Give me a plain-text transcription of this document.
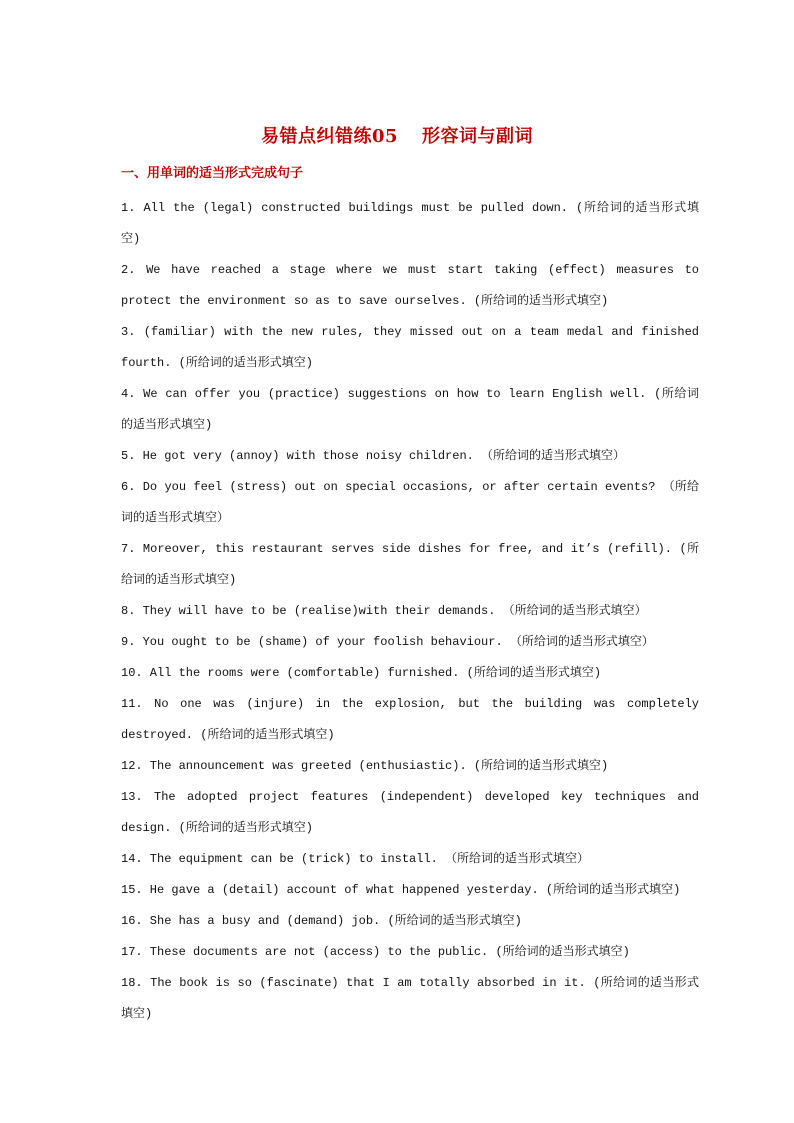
易错点纠错练05 形容词与副词
一、用单词的适当形式完成句子
1. All the (legal) constructed buildings must be pulled down. (所给词的适当形式填空)
2. We have reached a stage where we must start taking (effect) measures to protect the environment so as to save ourselves. (所给词的适当形式填空)
3. (familiar) with the new rules, they missed out on a team medal and finished fourth. (所给词的适当形式填空)
4. We can offer you (practice) suggestions on how to learn English well. (所给词的适当形式填空)
5. He got very (annoy) with those noisy children. （所给词的适当形式填空）
6. Do you feel (stress) out on special occasions, or after certain events? （所给词的适当形式填空）
7. Moreover, this restaurant serves side dishes for free, and it’s (refill). (所给词的适当形式填空)
8. They will have to be (realise)with their demands. （所给词的适当形式填空）
9. You ought to be (shame) of your foolish behaviour. （所给词的适当形式填空）
10. All the rooms were (comfortable) furnished. (所给词的适当形式填空)
11. No one was (injure) in the explosion, but the building was completely destroyed. (所给词的适当形式填空)
12. The announcement was greeted (enthusiastic). (所给词的适当形式填空)
13. The adopted project features (independent) developed key techniques and design. (所给词的适当形式填空)
14. The equipment can be (trick) to install. （所给词的适当形式填空）
15. He gave a (detail) account of what happened yesterday. (所给词的适当形式填空)
16. She has a busy and (demand) job. (所给词的适当形式填空)
17. These documents are not (access) to the public. (所给词的适当形式填空)
18. The book is so (fascinate) that I am totally absorbed in it. (所给词的适当形式填空)
